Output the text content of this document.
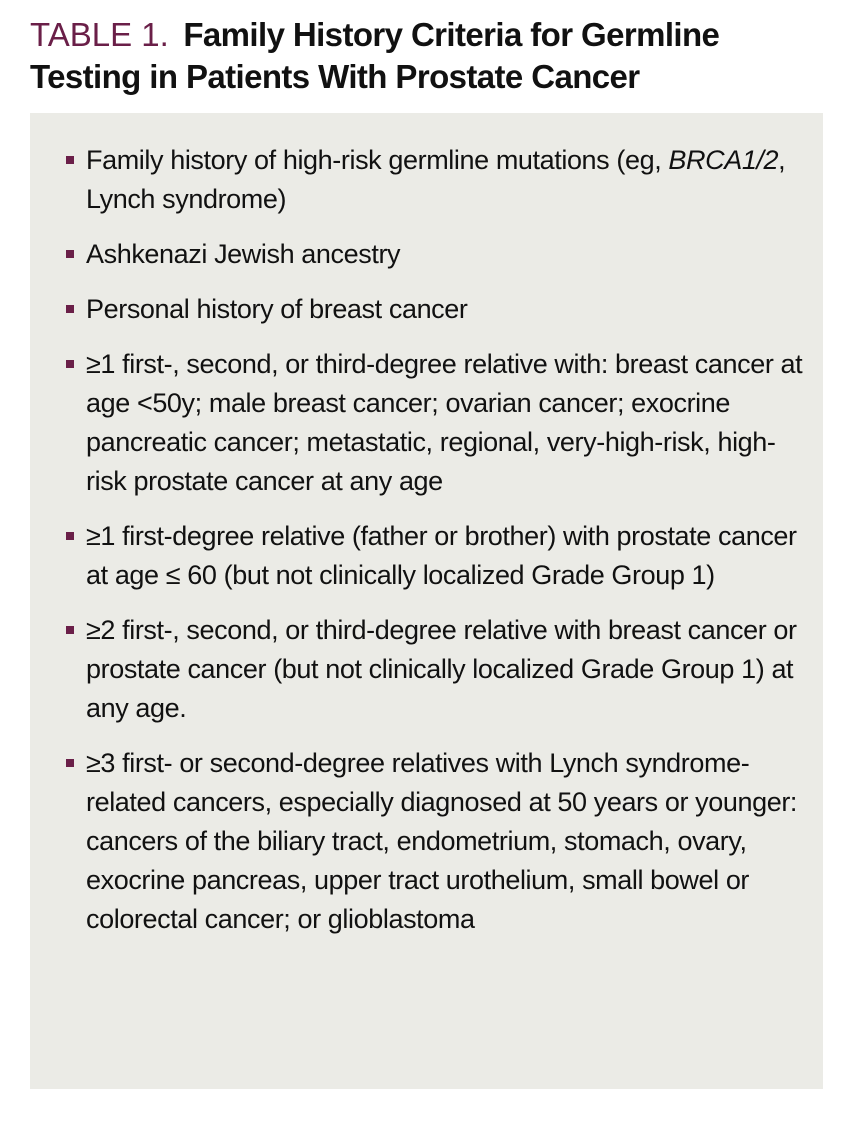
TABLE 1. Family History Criteria for Germline Testing in Patients With Prostate Cancer
Family history of high-risk germline mutations (eg, BRCA1/2, Lynch syndrome)
Ashkenazi Jewish ancestry
Personal history of breast cancer
≥1 first-, second, or third-degree relative with: breast cancer at age <50y; male breast cancer; ovarian cancer; exocrine pancreatic cancer; metastatic, regional, very-high-risk, high-risk prostate cancer at any age
≥1 first-degree relative (father or brother) with prostate cancer at age ≤ 60 (but not clinically localized Grade Group 1)
≥2 first-, second, or third-degree relative with breast cancer or prostate cancer (but not clinically localized Grade Group 1) at any age.
≥3 first- or second-degree relatives with Lynch syndrome-related cancers, especially diagnosed at 50 years or younger: cancers of the biliary tract, endometrium, stomach, ovary, exocrine pancreas, upper tract urothelium, small bowel or colorectal cancer; or glioblastoma
